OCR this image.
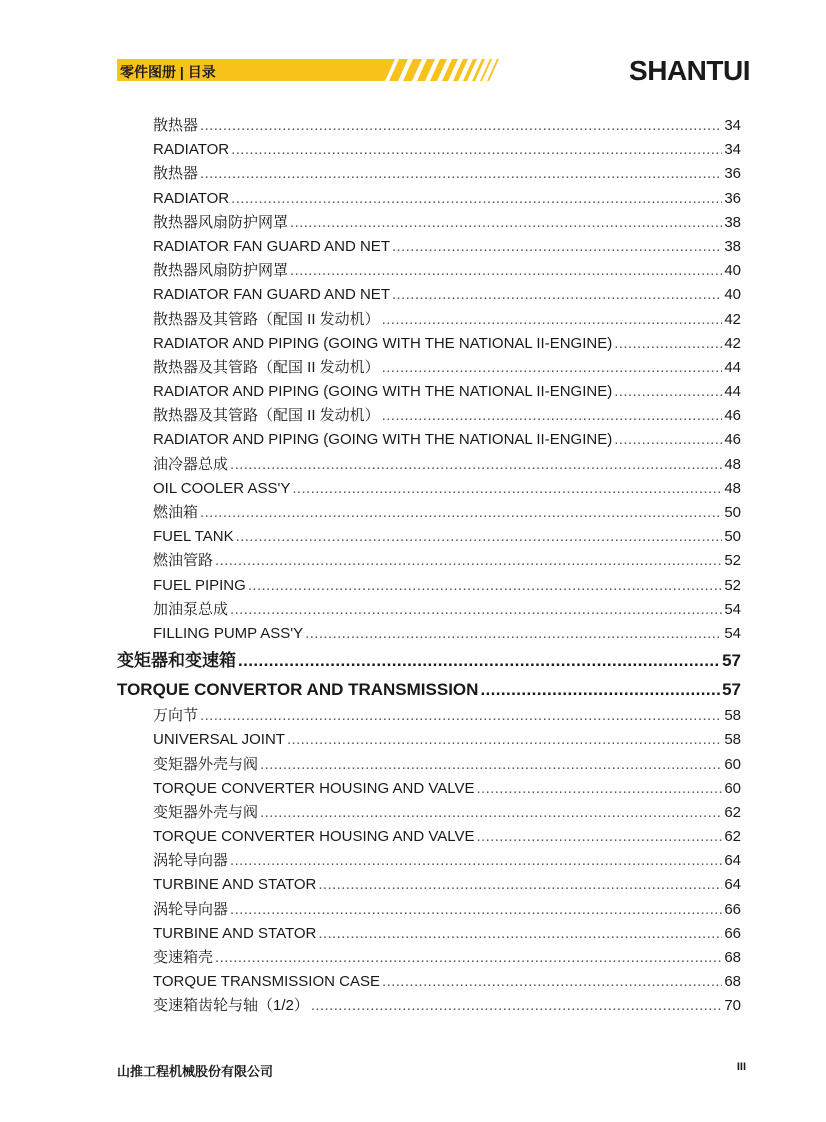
零件图册 | 目录	SHANTUI
散热器 .....	34
RADIATOR .....	34
散热器 .....	36
RADIATOR .....	36
散热器风扇防护网罩 .....	38
RADIATOR FAN GUARD AND NET .....	38
散热器风扇防护网罩 .....	40
RADIATOR FAN GUARD AND NET .....	40
散热器及其管路（配国 II 发动机） .....	42
RADIATOR AND PIPING (GOING WITH THE NATIONAL II-ENGINE) .....	42
散热器及其管路（配国 II 发动机） .....	44
RADIATOR AND PIPING (GOING WITH THE NATIONAL II-ENGINE) .....	44
散热器及其管路（配国 II 发动机） .....	46
RADIATOR AND PIPING (GOING WITH THE NATIONAL II-ENGINE) .....	46
油冷器总成 .....	48
OIL COOLER ASS'Y .....	48
燃油箱 .....	50
FUEL TANK .....	50
燃油管路 .....	52
FUEL PIPING .....	52
加油泵总成 .....	54
FILLING PUMP ASS'Y .....	54
变矩器和变速箱 .....	57
TORQUE CONVERTOR AND TRANSMISSION .....	57
万向节 .....	58
UNIVERSAL JOINT .....	58
变矩器外壳与阀 .....	60
TORQUE CONVERTER HOUSING AND VALVE .....	60
变矩器外壳与阀 .....	62
TORQUE CONVERTER HOUSING AND VALVE .....	62
涡轮导向器 .....	64
TURBINE AND STATOR .....	64
涡轮导向器 .....	66
TURBINE AND STATOR .....	66
变速箱壳 .....	68
TORQUE TRANSMISSION CASE .....	68
变速箱齿轮与轴（1/2） .....	70
山推工程机械股份有限公司	III
